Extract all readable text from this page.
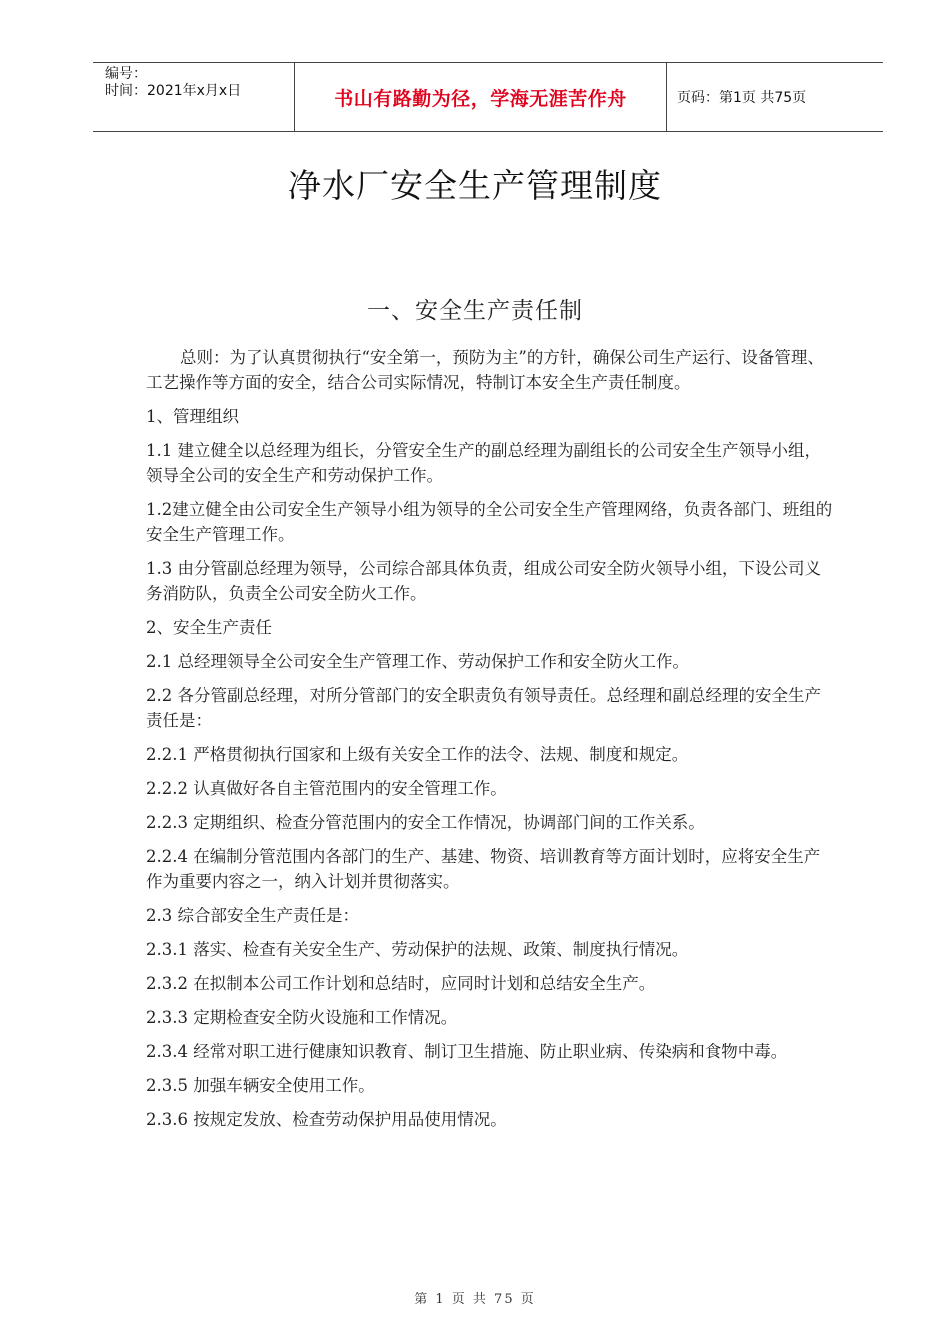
编号：
时间：2021年x月x日	书山有路勤为径，学海无涯苦作舟	页码：第1页 共75页
净水厂安全生产管理制度
一、安全生产责任制

总则：为了认真贯彻执行“安全第一，预防为主”的方针，确保公司生产运行、设备管理、工艺操作等方面的安全，结合公司实际情况，特制订本安全生产责任制度。

1、管理组织

1.1 建立健全以总经理为组长，分管安全生产的副总经理为副组长的公司安全生产领导小组，领导全公司的安全生产和劳动保护工作。

1.2建立健全由公司安全生产领导小组为领导的全公司安全生产管理网络，负责各部门、班组的安全生产管理工作。

1.3 由分管副总经理为领导，公司综合部具体负责，组成公司安全防火领导小组，下设公司义务消防队，负责全公司安全防火工作。

2、安全生产责任

2.1 总经理领导全公司安全生产管理工作、劳动保护工作和安全防火工作。

2.2 各分管副总经理，对所分管部门的安全职责负有领导责任。总经理和副总经理的安全生产责任是：

2.2.1 严格贯彻执行国家和上级有关安全工作的法令、法规、制度和规定。

2.2.2 认真做好各自主管范围内的安全管理工作。

2.2.3 定期组织、检查分管范围内的安全工作情况，协调部门间的工作关系。

2.2.4 在编制分管范围内各部门的生产、基建、物资、培训教育等方面计划时，应将安全生产作为重要内容之一，纳入计划并贯彻落实。

2.3 综合部安全生产责任是：

2.3.1 落实、检查有关安全生产、劳动保护的法规、政策、制度执行情况。

2.3.2 在拟制本公司工作计划和总结时，应同时计划和总结安全生产。

2.3.3 定期检查安全防火设施和工作情况。

2.3.4 经常对职工进行健康知识教育、制订卫生措施、防止职业病、传染病和食物中毒。

2.3.5 加强车辆安全使用工作。

2.3.6 按规定发放、检查劳动保护用品使用情况。

第 1 页 共 75 页
